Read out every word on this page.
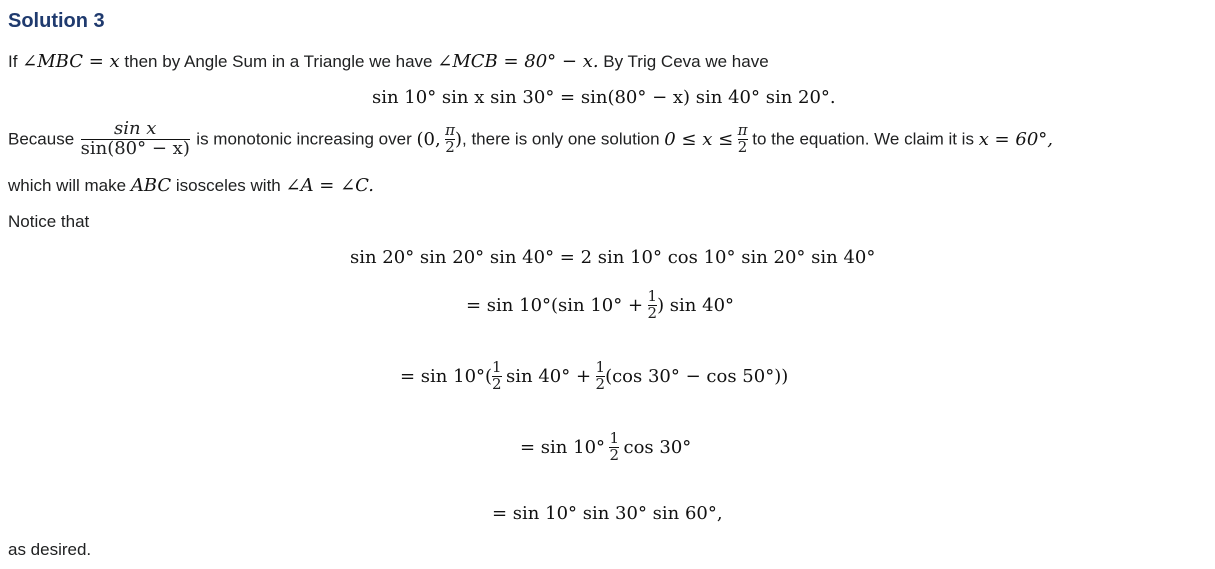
Solution 3
If ∠MBC = x then by Angle Sum in a Triangle we have ∠MCB = 80° − x. By Trig Ceva we have
sin 10° sin x sin 30° = sin(80° − x) sin 40° sin 20°.
Because $\frac{\text{sin x}}{\sin(80^\circ - x)}$ is monotonic increasing over (0, $\frac{\pi}{2}$ ), there is only one solution $0 \le x \le \frac{\pi}{2}$ to the equation. We claim it is x = 60°,
which will make ABC isosceles with ∠A = ∠C.
Notice that
sin 20° sin 20° sin 40° = 2 sin 10° cos 10° sin 20° sin 40°
= sin 10°(sin $10^\circ + \frac{1}{2}$ ) sin 40°
= $\sin 10^\circ( \frac{1}{2}$ $\sin 40^\circ + \frac{1}{2} (\cos$ 30° − cos 50°))
= $\sin 10^\circ \frac{1}{2}$ cos 30°
= sin 10° sin 30° sin 60°,
as desired.
